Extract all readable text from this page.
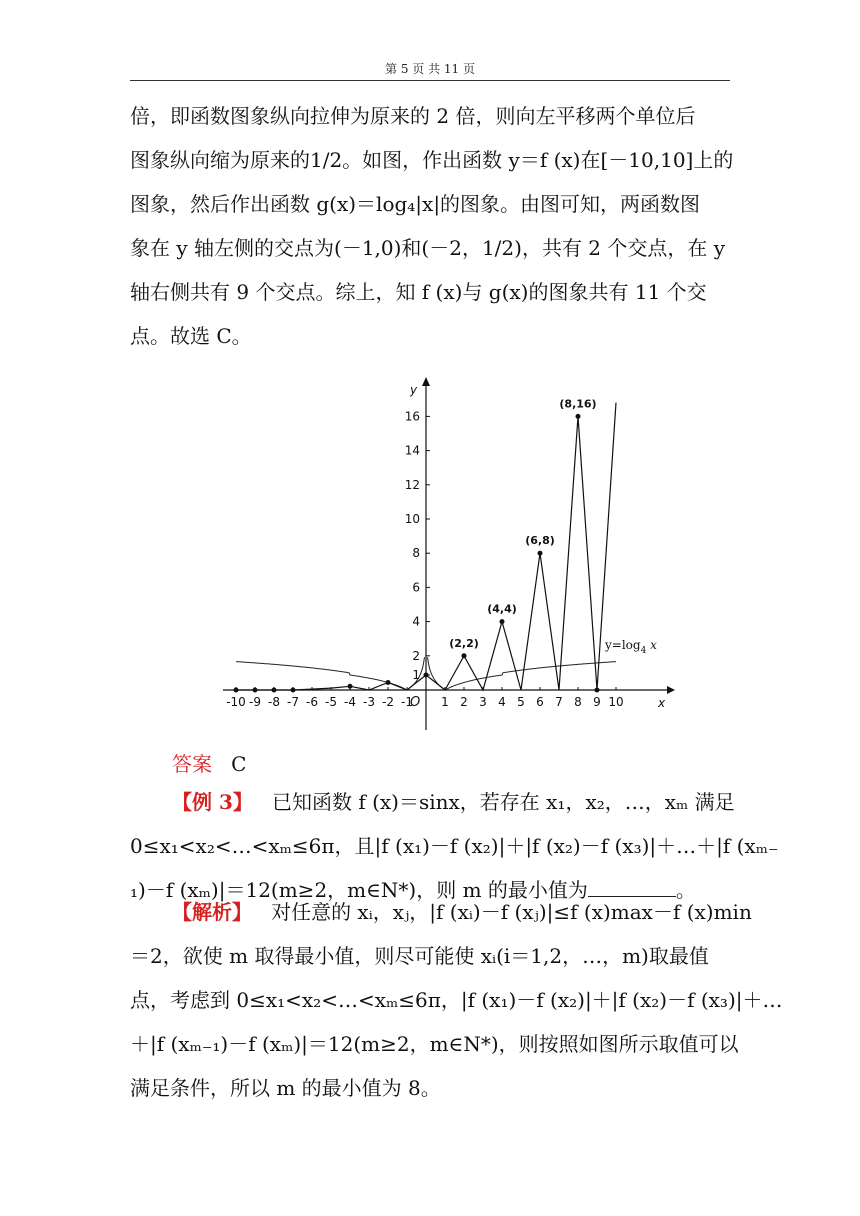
第 5 页 共 11 页
倍，即函数图象纵向拉伸为原来的 2 倍，则向左平移两个单位后
图象纵向缩为原来的1/2。如图，作出函数 y＝f (x)在[－10,10]上的
图象，然后作出函数 g(x)＝log₄|x|的图象。由图可知，两函数图
象在 y 轴左侧的交点为(－1,0)和(－2，1/2)，共有 2 个交点，在 y
轴右侧共有 9 个交点。综上，知 f (x)与 g(x)的图象共有 11 个交
点。故选 C。
x
y
O
-10 -9 -8 -7 -6 -5 -4 -3 -2 -1 1 2 3 4 5 6 7 8 9 10
1
2
4
6
8
10
12
14
16
(2,2)
(4,4)
(6,8)
(8,16)
$y=\log_4$ x
答案 C
【例 3】 已知函数 f (x)＝sinx，若存在 x₁，x₂，…，xₘ 满足
0≤x₁<x₂<…<xₘ≤6π，且|f (x₁)－f (x₂)|＋|f (x₂)－f (x₃)|＋…＋|f (xₘ₋
₁)－f (xₘ)|＝12(m≥2，m∈N*)，则 m 的最小值为	。
【解析】 对任意的 xᵢ，xⱼ，|f (xᵢ)－f (xⱼ)|≤f (x)max－f (x)min
＝2，欲使 m 取得最小值，则尽可能使 xᵢ(i＝1,2，…，m)取最值
点，考虑到 0≤x₁<x₂<…<xₘ≤6π，|f (x₁)－f (x₂)|＋|f (x₂)－f (x₃)|＋…
＋|f (xₘ₋₁)－f (xₘ)|＝12(m≥2，m∈N*)，则按照如图所示取值可以
满足条件，所以 m 的最小值为 8。
